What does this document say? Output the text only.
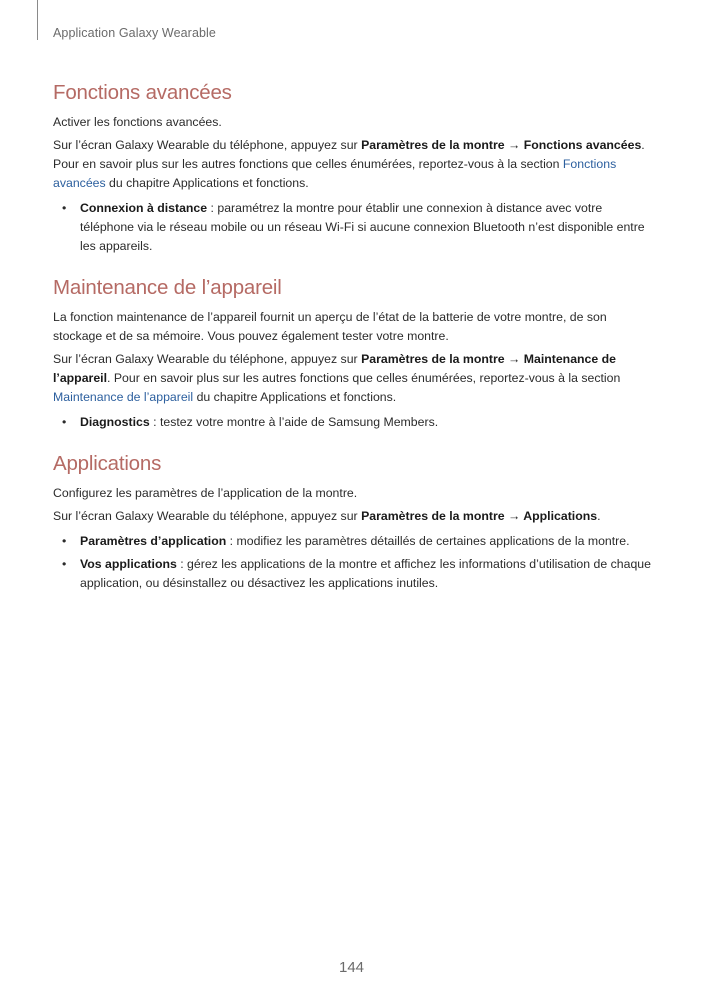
Application Galaxy Wearable
Fonctions avancées

Activer les fonctions avancées.

Sur l’écran Galaxy Wearable du téléphone, appuyez sur Paramètres de la montre → Fonctions avancées. Pour en savoir plus sur les autres fonctions que celles énumérées, reportez-vous à la section Fonctions avancées du chapitre Applications et fonctions.

• Connexion à distance : paramétrez la montre pour établir une connexion à distance avec votre téléphone via le réseau mobile ou un réseau Wi-Fi si aucune connexion Bluetooth n’est disponible entre les appareils.
Maintenance de l’appareil

La fonction maintenance de l’appareil fournit un aperçu de l’état de la batterie de votre montre, de son stockage et de sa mémoire. Vous pouvez également tester votre montre.

Sur l’écran Galaxy Wearable du téléphone, appuyez sur Paramètres de la montre → Maintenance de l’appareil. Pour en savoir plus sur les autres fonctions que celles énumérées, reportez-vous à la section Maintenance de l’appareil du chapitre Applications et fonctions.

• Diagnostics : testez votre montre à l’aide de Samsung Members.
Applications

Configurez les paramètres de l’application de la montre.

Sur l’écran Galaxy Wearable du téléphone, appuyez sur Paramètres de la montre → Applications.

• Paramètres d’application : modifiez les paramètres détaillés de certaines applications de la montre.
• Vos applications : gérez les applications de la montre et affichez les informations d’utilisation de chaque application, ou désinstallez ou désactivez les applications inutiles.
144
